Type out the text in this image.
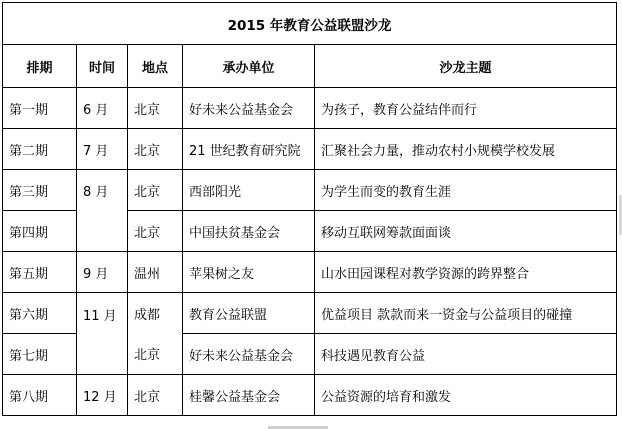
2015 年教育公益联盟沙龙				
排期	时间	地点	承办单位	沙龙主题
第一期	6 月	北京	好未来公益基金会	为孩子，教育公益结伴而行
第二期	7 月	北京	21 世纪教育研究院	汇聚社会力量，推动农村小规模学校发展
第三期	8 月	北京	西部阳光	为学生而变的教育生涯
第四期		北京	中国扶贫基金会	移动互联网筹款面面谈
第五期	9 月	温州	苹果树之友	山水田园课程对教学资源的跨界整合
第六期	11 月	成都	教育公益联盟	优益项目 款款而来一资金与公益项目的碰撞
第七期		北京	好未来公益基金会	科技遇见教育公益
第八期	12 月	北京	桂馨公益基金会	公益资源的培育和激发
